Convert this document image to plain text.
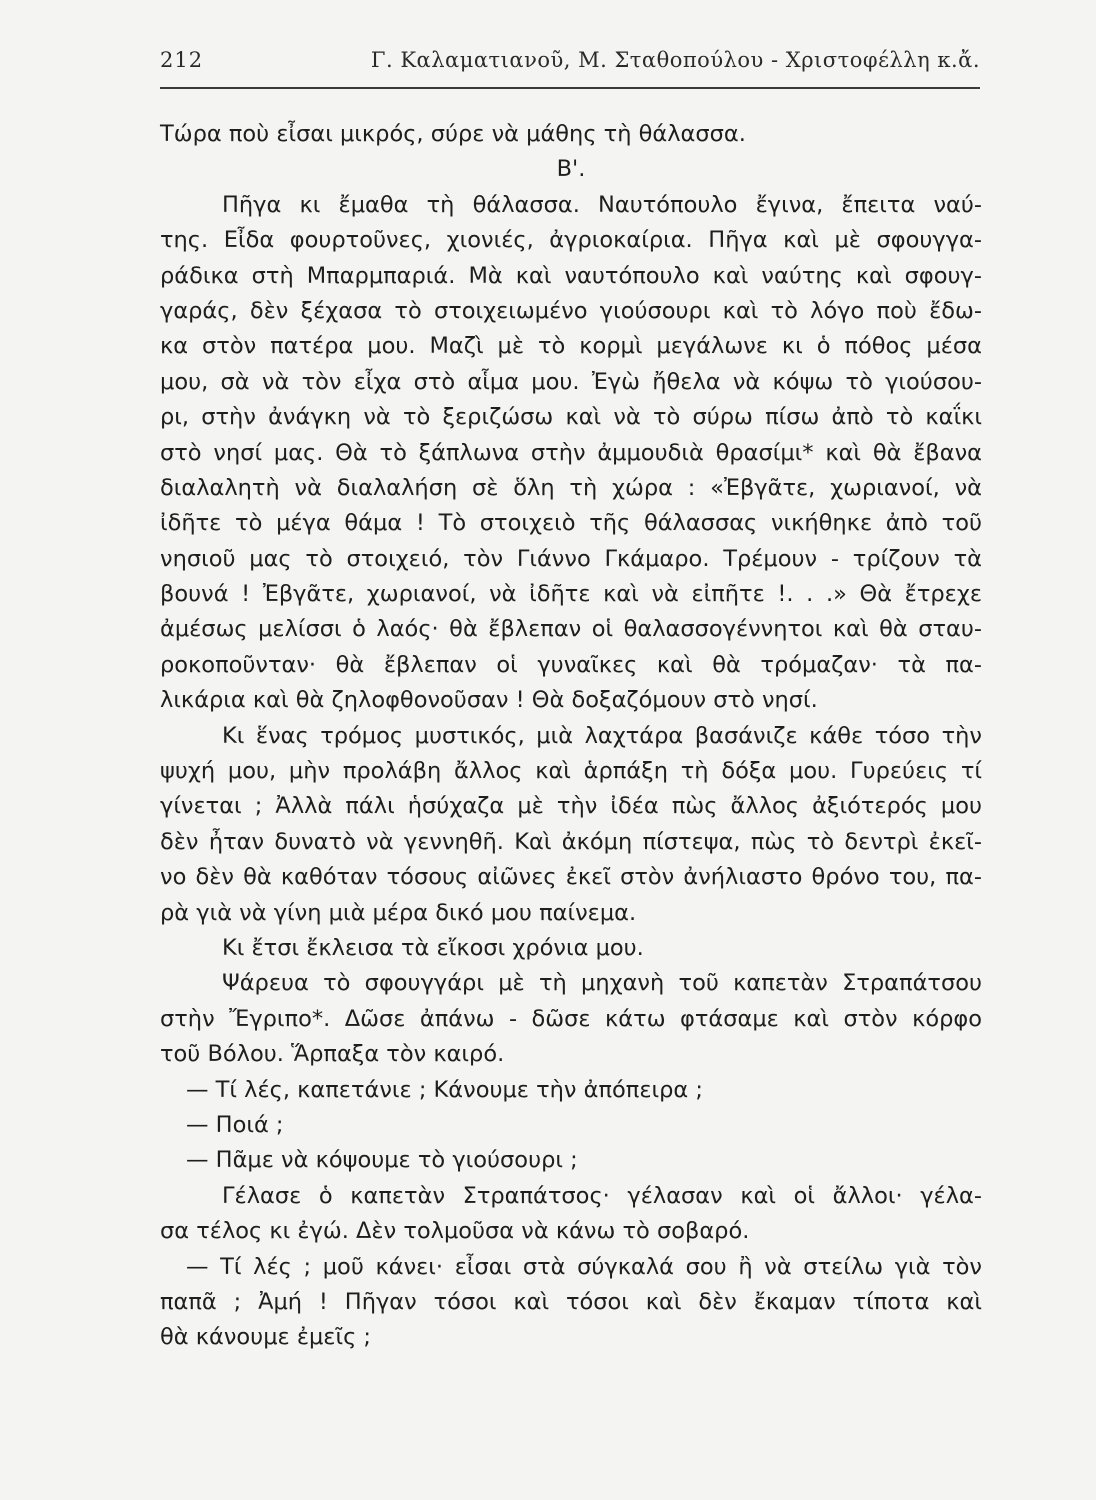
212	Γ. Καλαματιανοῦ, Μ. Σταθοπούλου - Χριστοφέλλη κ.ἄ.
Τώρα ποὺ εἶσαι μικρός, σύρε νὰ μάθης τὴ θάλασσα.
Β'.
Πῆγα κι ἔμαθα τὴ θάλασσα. Ναυτόπουλο ἔγινα, ἔπειτα ναύ-
της. Εἶδα φουρτοῦνες, χιονιές, ἀγριοκαίρια. Πῆγα καὶ μὲ σφουγγα-
ράδικα στὴ Μπαρμπαριά. Μὰ καὶ ναυτόπουλο καὶ ναύτης καὶ σφουγ-
γαράς, δὲν ξέχασα τὸ στοιχειωμένο γιούσουρι καὶ τὸ λόγο ποὺ ἔδω-
κα στὸν πατέρα μου. Μαζὶ μὲ τὸ κορμὶ μεγάλωνε κι ὁ πόθος μέσα
μου, σὰ νὰ τὸν εἶχα στὸ αἷμα μου. Ἐγὼ ἤθελα νὰ κόψω τὸ γιούσου-
ρι, στὴν ἀνάγκη νὰ τὸ ξεριζώσω καὶ νὰ τὸ σύρω πίσω ἀπὸ τὸ καΐκι
στὸ νησί μας. Θὰ τὸ ξάπλωνα στὴν ἀμμουδιὰ θρασίμι* καὶ θὰ ἔβανα
διαλαλητὴ νὰ διαλαλήση σὲ ὅλη τὴ χώρα : «Ἐβγᾶτε, χωριανοί, νὰ
ἰδῆτε τὸ μέγα θάμα ! Τὸ στοιχειὸ τῆς θάλασσας νικήθηκε ἀπὸ τοῦ
νησιοῦ μας τὸ στοιχειό, τὸν Γιάννο Γκάμαρο. Τρέμουν - τρίζουν τὰ
βουνά ! Ἐβγᾶτε, χωριανοί, νὰ ἰδῆτε καὶ νὰ εἰπῆτε !. . .» Θὰ ἔτρεχε
ἀμέσως μελίσσι ὁ λαός· θὰ ἔβλεπαν οἱ θαλασσογέννητοι καὶ θὰ σταυ-
ροκοποῦνταν· θὰ ἔβλεπαν οἱ γυναῖκες καὶ θὰ τρόμαζαν· τὰ πα-
λικάρια καὶ θὰ ζηλοφθονοῦσαν ! Θὰ δοξαζόμουν στὸ νησί.
Κι ἕνας τρόμος μυστικός, μιὰ λαχτάρα βασάνιζε κάθε τόσο τὴν
ψυχή μου, μὴν προλάβη ἄλλος καὶ ἁρπάξη τὴ δόξα μου. Γυρεύεις τί
γίνεται ; Ἀλλὰ πάλι ἡσύχαζα μὲ τὴν ἰδέα πὼς ἄλλος ἀξιότερός μου
δὲν ἦταν δυνατὸ νὰ γεννηθῆ. Καὶ ἀκόμη πίστεψα, πὼς τὸ δεντρὶ ἐκεῖ-
νο δὲν θὰ καθόταν τόσους αἰῶνες ἐκεῖ στὸν ἀνήλιαστο θρόνο του, πα-
ρὰ γιὰ νὰ γίνη μιὰ μέρα δικό μου παίνεμα.
Κι ἔτσι ἔκλεισα τὰ εἴκοσι χρόνια μου.
Ψάρευα τὸ σφουγγάρι μὲ τὴ μηχανὴ τοῦ καπετὰν Στραπάτσου
στὴν Ἔγριπο*. Δῶσε ἀπάνω - δῶσε κάτω φτάσαμε καὶ στὸν κόρφο
τοῦ Βόλου. Ἅρπαξα τὸν καιρό.
— Τί λές, καπετάνιε ; Κάνουμε τὴν ἀπόπειρα ;
— Ποιά ;
— Πᾶμε νὰ κόψουμε τὸ γιούσουρι ;
Γέλασε ὁ καπετὰν Στραπάτσος· γέλασαν καὶ οἱ ἄλλοι· γέλα-
σα τέλος κι ἐγώ. Δὲν τολμοῦσα νὰ κάνω τὸ σοβαρό.
— Τί λές ; μοῦ κάνει· εἶσαι στὰ σύγκαλά σου ἢ νὰ στείλω γιὰ τὸν
παπᾶ ; Ἀμή ! Πῆγαν τόσοι καὶ τόσοι καὶ δὲν ἔκαμαν τίποτα καὶ
θὰ κάνουμε ἐμεῖς ;
